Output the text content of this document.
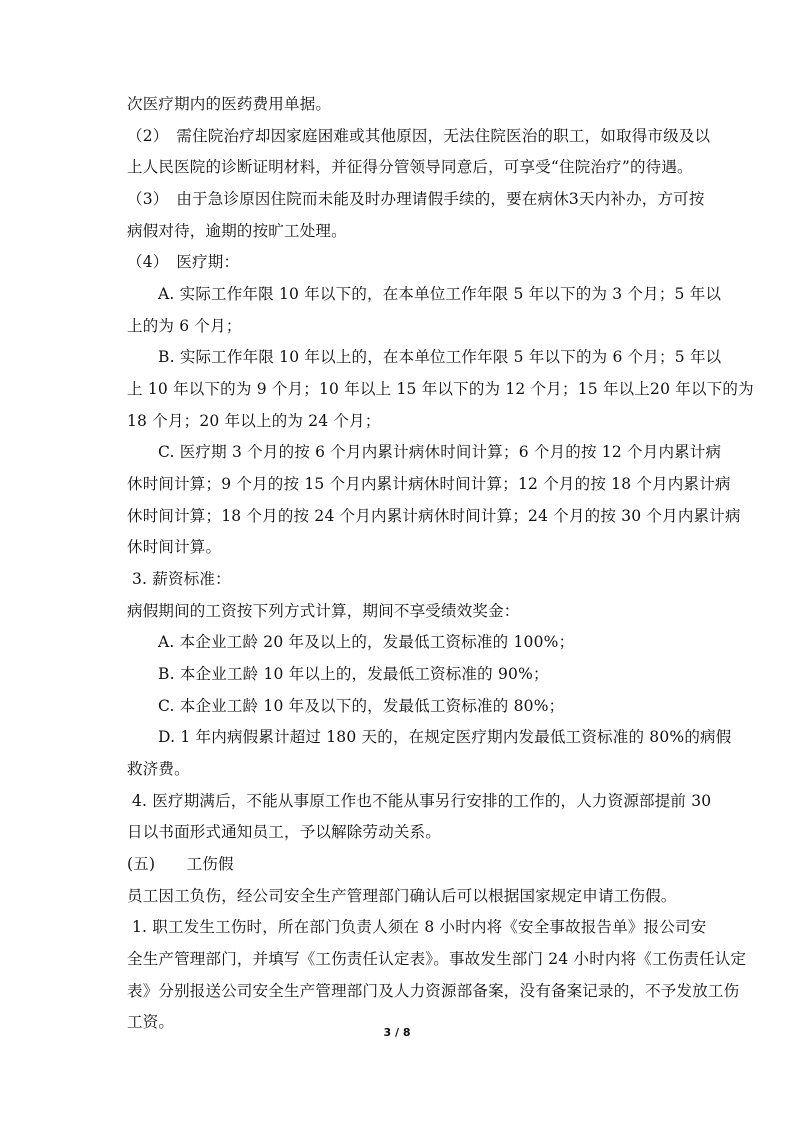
次医疗期内的医药费用单据。
（2）　需住院治疗却因家庭困难或其他原因，无法住院医治的职工，如取得市级及以
上人民医院的诊断证明材料，并征得分管领导同意后，可享受“住院治疗”的待遇。
（3）　由于急诊原因住院而未能及时办理请假手续的，要在病休3天内补办，方可按
病假对待，逾期的按旷工处理。
（4）　医疗期：
A. 实际工作年限 10 年以下的，在本单位工作年限 5 年以下的为 3 个月；5 年以
上的为 6 个月；
B. 实际工作年限 10 年以上的，在本单位工作年限 5 年以下的为 6 个月；5 年以
上 10 年以下的为 9 个月；10 年以上 15 年以下的为 12 个月；15 年以上20 年以下的为
18 个月；20 年以上的为 24 个月；
C. 医疗期 3 个月的按 6 个月内累计病休时间计算；6 个月的按 12 个月内累计病
休时间计算；9 个月的按 15 个月内累计病休时间计算；12 个月的按 18 个月内累计病
休时间计算；18 个月的按 24 个月内累计病休时间计算；24 个月的按 30 个月内累计病
休时间计算。
3. 薪资标准：
病假期间的工资按下列方式计算，期间不享受绩效奖金：
A. 本企业工龄 20 年及以上的，发最低工资标准的 100%；
B. 本企业工龄 10 年以上的，发最低工资标准的 90%；
C. 本企业工龄 10 年及以下的，发最低工资标准的 80%；
D. 1 年内病假累计超过 180 天的，在规定医疗期内发最低工资标准的 80%的病假
救济费。
4. 医疗期满后，不能从事原工作也不能从事另行安排的工作的，人力资源部提前 30
日以书面形式通知员工，予以解除劳动关系。
(五)　　工伤假
员工因工负伤，经公司安全生产管理部门确认后可以根据国家规定申请工伤假。
1. 职工发生工伤时，所在部门负责人须在 8 小时内将《安全事故报告单》报公司安
全生产管理部门，并填写《工伤责任认定表》。事故发生部门 24 小时内将《工伤责任认定
表》分别报送公司安全生产管理部门及人力资源部备案，没有备案记录的，不予发放工伤
工资。
3 / 8
